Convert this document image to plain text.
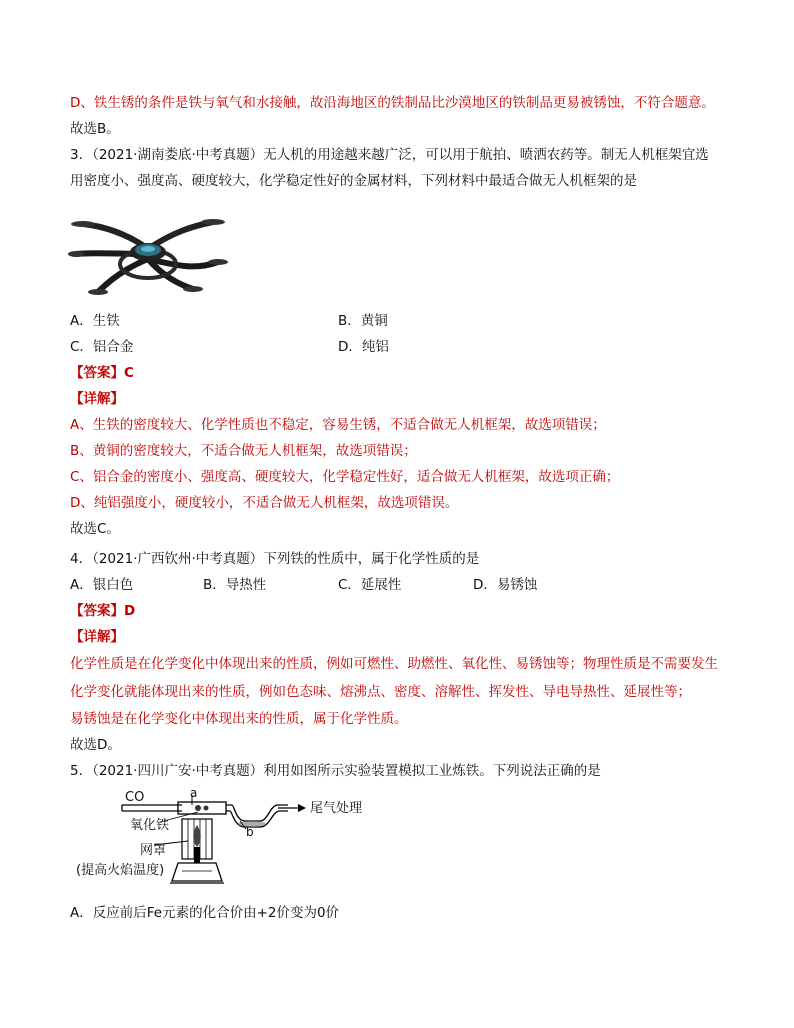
D、铁生锈的条件是铁与氧气和水接触，故沿海地区的铁制品比沙漠地区的铁制品更易被锈蚀，不符合题意。
故选B。
3．（2021·湖南娄底·中考真题）无人机的用途越来越广泛，可以用于航拍、喷洒农药等。制无人机框架宜选
用密度小、强度高、硬度较大，化学稳定性好的金属材料，下列材料中最适合做无人机框架的是
A．生铁	B．黄铜
C．铝合金	D．纯铝
【答案】C
【详解】
A、生铁的密度较大、化学性质也不稳定，容易生锈，不适合做无人机框架，故选项错误；
B、黄铜的密度较大，不适合做无人机框架，故选项错误；
C、铝合金的密度小、强度高、硬度较大，化学稳定性好，适合做无人机框架，故选项正确；
D、纯铝强度小，硬度较小，不适合做无人机框架，故选项错误。
故选C。
4．（2021·广西钦州·中考真题）下列铁的性质中，属于化学性质的是
A．银白色	B．导热性	C．延展性	D．易锈蚀
【答案】D
【详解】
化学性质是在化学变化中体现出来的性质，例如可燃性、助燃性、氧化性、易锈蚀等；物理性质是不需要发生
化学变化就能体现出来的性质，例如色态味、熔沸点、密度、溶解性、挥发性、导电导热性、延展性等；
易锈蚀是在化学变化中体现出来的性质，属于化学性质。
故选D。
5．（2021·四川广安·中考真题）利用如图所示实验装置模拟工业炼铁。下列说法正确的是
CO	a
尾气处理
氧化铁	b
网罩
(提高火焰温度)
A．反应前后Fe元素的化合价由+2价变为0价
